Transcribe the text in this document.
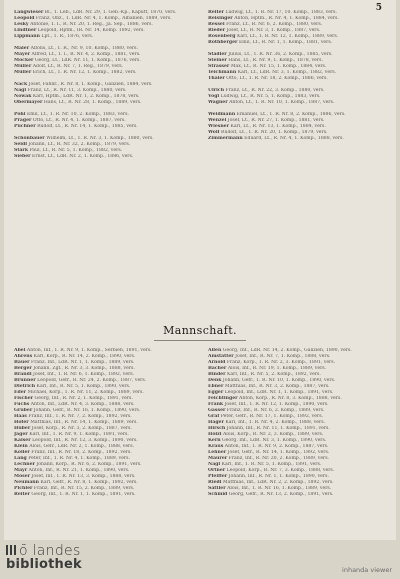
5
Langwieser Bl., 1. Leb., LdR. Nr. 29, 1. Geb.-Kp., Kaputt, 1870, vers.
Leopold Franz, Obz., 1. LdR. Nr. 4, 1. Komp., Albanien, 1889, vers.
Lesky Antonie, 1. I., R. Nr. 20, 1. Reg., Ja. Sep., 1886, vers.
Lindtner Leopold, Hptm., IR. Nr. 14, Komp. 1892, vers.
Lippmann Lpt., 1. R., 1876, vers.
Maier Alfons, Lt., 1. R., Nr. 9, 10. Komp., 1880, vers.
Mayer Alfred, Lt., 1. I., R. Nr. 4, 2. Komp., 1881, vers.
Mocker Georg, Lt., LdR. Nr. 11, 1. Komp., 1876, vers.
Müller Adolf, Lt., R. Nr. 7, 1. Reg., 1879, vers.
Müller Erich, Lt., 1. R. Nr. 12, 1. Komp., 1882, vers.
Nack Josef, Fähnr., R. Nr. 8, 1. Komp., Galizien, 1884, vers.
Nagl Franz, Lt., R. Nr. 11, 3. Komp., 1880, vers.
Nowak Karl, Hptm., LdR. Nr. 1, 2. Komp., 1878, vers.
Obermayer Hans, Lt., R. Nr. 28, 1. Komp., 1889, vers.
Pohl Emil, Lt., 1. R. Nr. 10, 2. Komp., 1883, vers.
Prager Otto, Lt., R. Nr. 4, 1. Komp., 1887, vers.
Puchner Rudolf, Lt., R. Nr. 14, 1. Komp., 1885, vers.
Schönbauer Wilhelm, Lt., 1. R. Nr. 3, 1. Komp., 1880, vers.
Seidl Johann, Lt., R. Nr. 32, 2. Komp., 1879, vers.
Stärk Paul, Lt., R. Nr. 5, 1. Komp., 1882, vers.
Sieber Ernst, Lt., LdR. Nr. 2, 1. Komp., 1886, vers.
Reiter Ludwig, Lt., 1. R. Nr. 17, 10. Komp., 1883, vers.
Reisinger Anton, Hptm., R. Nr. 4, 1. Komp., 1884, vers.
Ressel Franz, Lt., R. Nr. 6, 2. Komp., 1880, vers.
Rieder Josef, Lt., R. Nr. 3, 1. Komp., 1887, vers.
Rosenberg Karl, Lt., 1. R. Nr. 12, 1. Komp., 1889, vers.
Rothberger Emil, Lt., R. Nr. 1, 1. Komp., 1881, vers.
Stadler Julius, Lt., 1. R. Nr. 36, 2. Komp., 1885, vers.
Steiner Hans, Lt., R. Nr. 9, 1. Komp., 1878, vers.
Strasser Max, Lt., R. Nr. 15, 1. Komp., 1884, vers.
Teichmann Karl, Lt., LdR. Nr. 3, 1. Komp., 1882, vers.
Thaler Otto, Lt., 1. R. Nr. 18, 2. Komp., 1886, vers.
Ulrich Franz, Lt., R. Nr. 22, 3. Komp., 1880, vers.
Vogl Ludwig, Lt., R. Nr. 5, 1. Komp., 1883, vers.
Wagner Anton, Lt., 1. R. Nr. 10, 1. Komp., 1887, vers.
Weidmann Emanuel, Lt., 1. R. Nr. 8, 2. Komp., 1886, vers.
Wenzel Josef, Lt., R. Nr. 27, 1. Komp., 1881, vers.
Wiesner Karl, Lt., R. Nr. 13, 1. Komp., 1884, vers.
Wolf Rudolf, Lt., 1. R. Nr. 20, 1. Komp., 1879, vers.
Zimmermann Eduard, Lt., R. Nr. 4, 1. Komp., 1888, vers.
Mannschaft.
Abel Anton, Inf., 1. R. Nr. 9, 1. Komp., Serbien, 1891, vers.
Ahrens Karl, Korp., R. Nr. 14, 2. Komp., 1890, vers.
Bauer Franz, Inf., LdR. Nr. 1, 1. Komp., 1889, vers.
Berger Johann, Zgf., R. Nr. 3, 3. Komp., 1888, vers.
Brandl Josef, Inf., 1. R. Nr. 6, 1. Komp., 1892, vers.
Brunner Leopold, Gefr., R. Nr. 24, 2. Komp., 1887, vers.
Dietrich Karl, Inf., R. Nr. 5, 1. Komp., 1890, vers.
Eder Michael, Korp., 1. R. Nr. 11, 2. Komp., 1889, vers.
Fischer Georg, Inf., R. Nr. 2, 1. Komp., 1891, vers.
Fuchs Anton, Inf., LdR. Nr. 4, 3. Komp., 1888, vers.
Gruber Johann, Gefr., R. Nr. 16, 1. Komp., 1890, vers.
Haas Franz, Inf., 1. R. Nr. 7, 2. Komp., 1892, vers.
Hofer Matthias, Inf., R. Nr. 14, 1. Komp., 1889, vers.
Huber Josef, Korp., R. Nr. 3, 2. Komp., 1887, vers.
Jäger Karl, Inf., 1. R. Nr. 9, 1. Komp., 1891, vers.
Kaiser Leopold, Inf., R. Nr. 12, 3. Komp., 1890, vers.
Klein Alois, Gefr., LdR. Nr. 2, 1. Komp., 1888, vers.
Koller Franz, Inf., R. Nr. 18, 2. Komp., 1892, vers.
Lang Peter, Inf., 1. R. Nr. 4, 1. Komp., 1889, vers.
Lechner Johann, Korp., R. Nr. 6, 2. Komp., 1891, vers.
Mayr Anton, Inf., R. Nr. 21, 1. Komp., 1890, vers.
Moser Josef, Inf., 1. R. Nr. 13, 3. Komp., 1888, vers.
Neumann Karl, Gefr., R. Nr. 8, 1. Komp., 1892, vers.
Pichler Franz, Inf., R. Nr. 15, 2. Komp., 1889, vers.
Reiter Georg, Inf., 1. R. Nr. 1, 1. Komp., 1891, vers.
Allen Georg, Inf., LdR. Nr. 14, 2. Komp., Galizien, 1890, vers.
Amstätter Josef, Inf., R. Nr. 7, 1. Komp., 1888, vers.
Arnold Franz, Korp., 1. R. Nr. 2, 3. Komp., 1891, vers.
Bacher Alois, Inf., R. Nr. 19, 1. Komp., 1889, vers.
Binder Karl, Inf., R. Nr. 5, 2. Komp., 1892, vers.
Denk Johann, Gefr., 1. R. Nr. 10, 1. Komp., 1890, vers.
Ebner Matthias, Inf., R. Nr. 3, 2. Komp., 1887, vers.
Egger Leopold, Inf., LdR. Nr. 1, 1. Komp., 1891, vers.
Feichtinger Anton, Korp., R. Nr. 8, 3. Komp., 1888, vers.
Frank Josef, Inf., 1. R. Nr. 12, 1. Komp., 1890, vers.
Gasser Franz, Inf., R. Nr. 6, 2. Komp., 1889, vers.
Graf Peter, Gefr., R. Nr. 17, 1. Komp., 1892, vers.
Hager Karl, Inf., 1. R. Nr. 4, 2. Komp., 1888, vers.
Hirsch Johann, Inf., R. Nr. 11, 1. Komp., 1891, vers.
Hölzl Alois, Korp., R. Nr. 2, 3. Komp., 1889, vers.
Kern Georg, Inf., LdR. Nr. 3, 1. Komp., 1890, vers.
Kraus Anton, Inf., 1. R. Nr. 9, 2. Komp., 1887, vers.
Lehner Josef, Gefr., R. Nr. 14, 1. Komp., 1892, vers.
Maurer Franz, Inf., R. Nr. 20, 2. Komp., 1889, vers.
Nagl Karl, Inf., 1. R. Nr. 5, 1. Komp., 1891, vers.
Ortner Leopold, Korp., R. Nr. 7, 3. Komp., 1888, vers.
Pfeiffer Johann, Inf., R. Nr. 1, 1. Komp., 1890, vers.
Riedl Matthias, Inf., LdR. Nr. 2, 2. Komp., 1892, vers.
Sattler Alois, Inf., 1. R. Nr. 16, 1. Komp., 1889, vers.
Schmid Georg, Gefr., R. Nr. 13, 2. Komp., 1891, vers.
ö̈ landes
bibliothek	inhanda viewer
